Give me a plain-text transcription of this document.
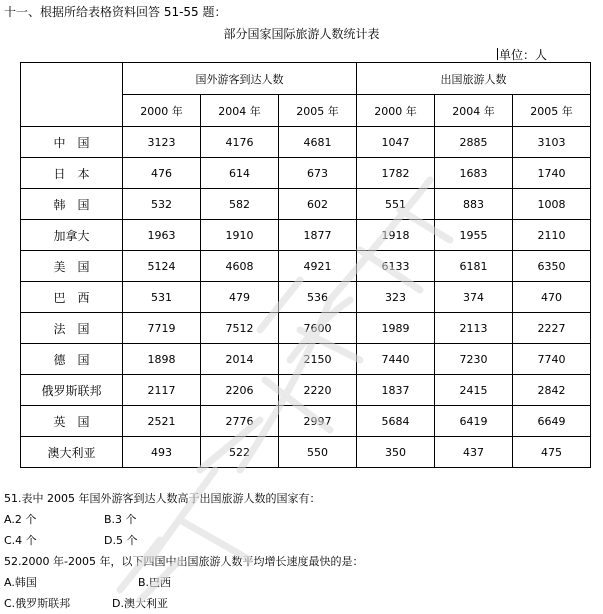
十一、根据所给表格资料回答 51-55 题：
部分国家国际旅游人数统计表
单位：人
	国外游客到达人数			出国旅游人数		
	2000 年	2004 年	2005 年	2000 年	2004 年	2005 年
中　国	3123	4176	4681	1047	2885	3103
日　本	476	614	673	1782	1683	1740
韩　国	532	582	602	551	883	1008
加拿大	1963	1910	1877	1918	1955	2110
美　国	5124	4608	4921	6133	6181	6350
巴　西	531	479	536	323	374	470
法　国	7719	7512	7600	1989	2113	2227
德　国	1898	2014	2150	7440	7230	7740
俄罗斯联邦	2117	2206	2220	1837	2415	2842
英　国	2521	2776	2997	5684	6419	6649
澳大利亚	493	522	550	350	437	475
51.表中 2005 年国外游客到达人数高于出国旅游人数的国家有：
A.2 个	B.3 个
C.4 个	D.5 个
52.2000 年-2005 年，以下四国中出国旅游人数平均增长速度最快的是：
A.韩国	B.巴西
C.俄罗斯联邦	D.澳大利亚
